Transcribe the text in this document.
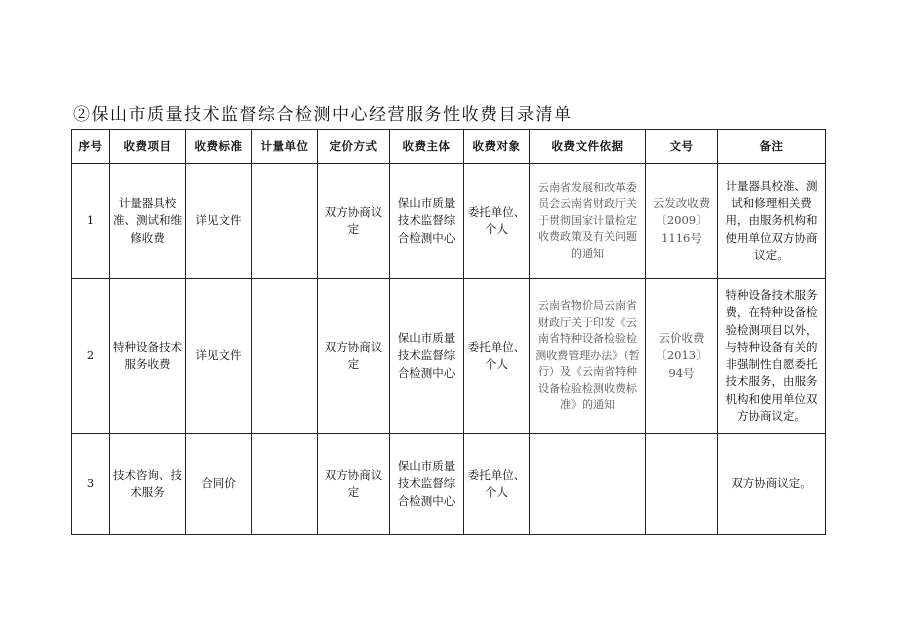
②保山市质量技术监督综合检测中心经营服务性收费目录清单
序号	收费项目	收费标准	计量单位	定价方式	收费主体	收费对象	收费文件依据	文号	备注
1	计量器具校准、测试和维修收费	详见文件		双方协商议定	保山市质量技术监督综合检测中心	委托单位、个人	云南省发展和改革委员会云南省财政厅关于贯彻国家计量检定收费政策及有关问题的通知	云发改收费〔2009〕1116号	计量器具校准、测试和修理相关费用，由服务机构和使用单位双方协商议定。
2	特种设备技术服务收费	详见文件		双方协商议定	保山市质量技术监督综合检测中心	委托单位、个人	云南省物价局云南省财政厅关于印发《云南省特种设备检验检测收费管理办法》（暂行）及《云南省特种设备检验检测收费标准》的通知	云价收费〔2013〕94号	特种设备技术服务费，在特种设备检验检测项目以外，与特种设备有关的非强制性自愿委托技术服务，由服务机构和使用单位双方协商议定。
3	技术咨询、技术服务	合同价		双方协商议定	保山市质量技术监督综合检测中心	委托单位、个人			双方协商议定。
